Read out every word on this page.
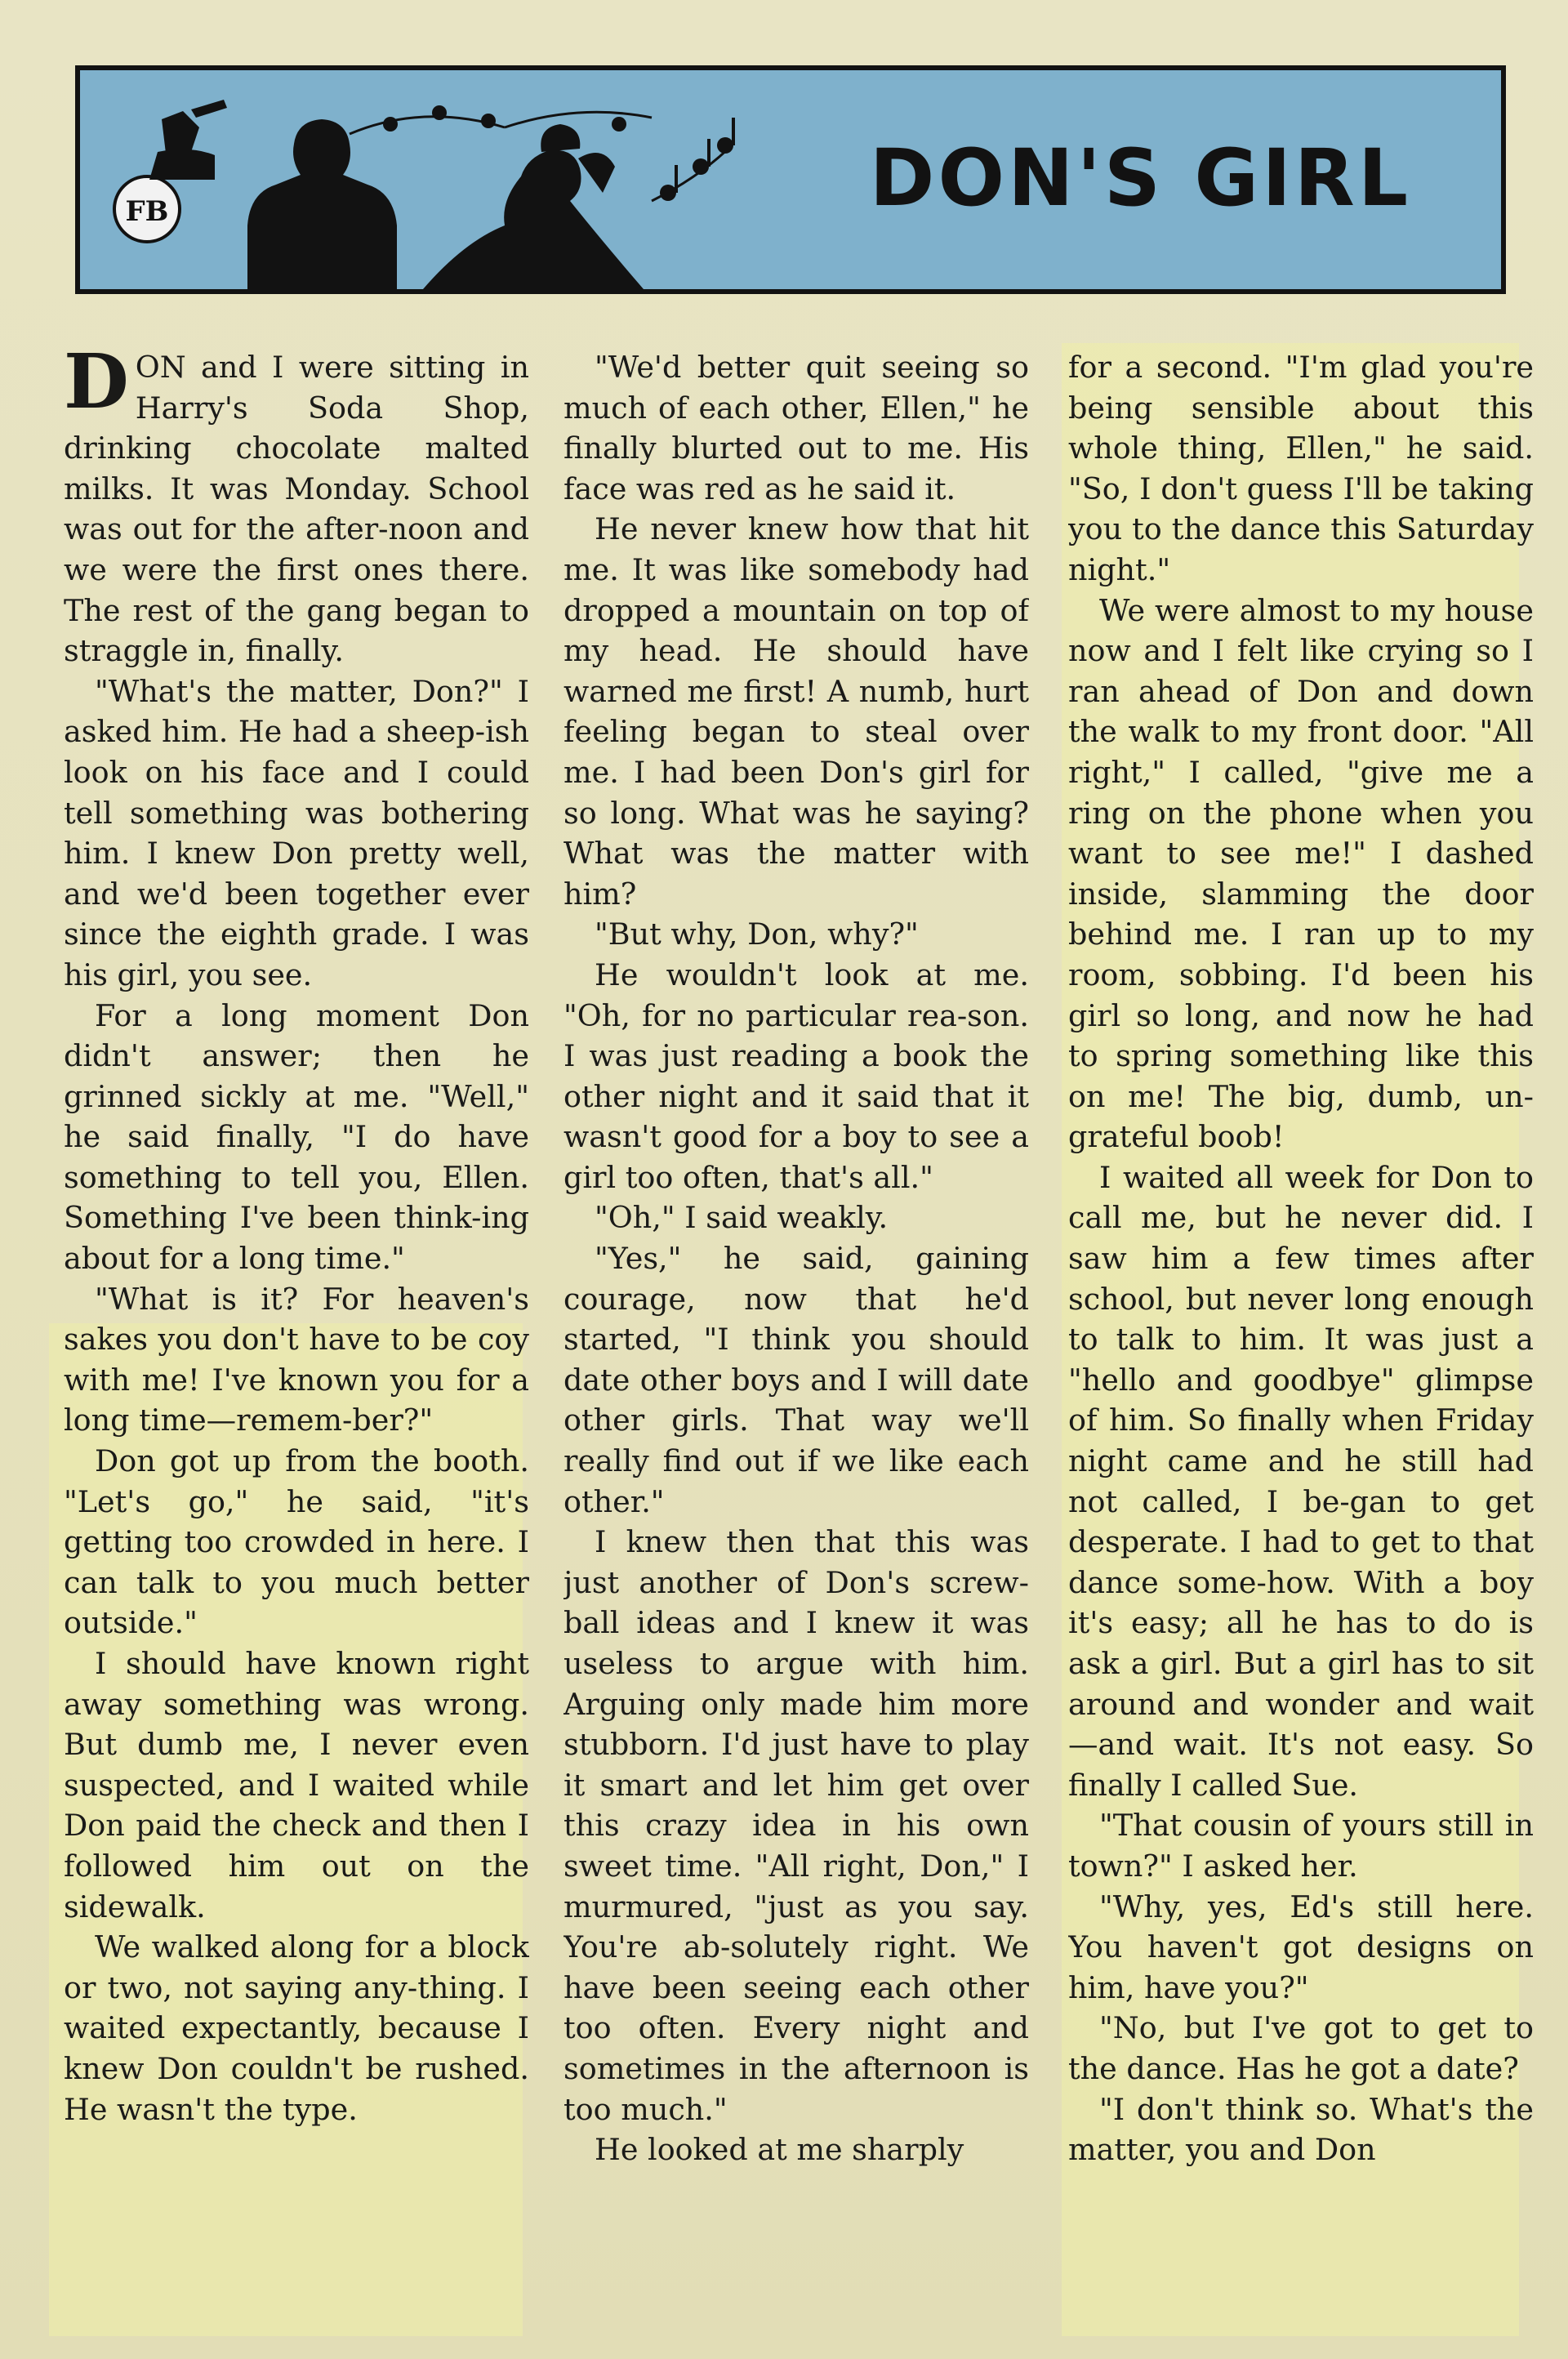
FB	DON'S GIRL

DON and I were sitting in Harry's Soda Shop, drinking chocolate malted milks. It was Monday. School was out for the after-noon and we were the first ones there. The rest of the gang began to straggle in, finally.

"What's the matter, Don?" I asked him. He had a sheep-ish look on his face and I could tell something was bothering him. I knew Don pretty well, and we'd been together ever since the eighth grade. I was his girl, you see.

For a long moment Don didn't answer; then he grinned sickly at me. "Well," he said finally, "I do have something to tell you, Ellen. Something I've been think-ing about for a long time."

"What is it? For heaven's sakes you don't have to be coy with me! I've known you for a long time—remem-ber?"

Don got up from the booth. "Let's go," he said, "it's getting too crowded in here. I can talk to you much better outside."

I should have known right away something was wrong. But dumb me, I never even suspected, and I waited while Don paid the check and then I followed him out on the sidewalk.

We walked along for a block or two, not saying any-thing. I waited expectantly, because I knew Don couldn't be rushed. He wasn't the type.

"We'd better quit seeing so much of each other, Ellen," he finally blurted out to me. His face was red as he said it.

He never knew how that hit me. It was like somebody had dropped a mountain on top of my head. He should have warned me first! A numb, hurt feeling began to steal over me. I had been Don's girl for so long. What was he saying? What was the matter with him?

"But why, Don, why?"

He wouldn't look at me. "Oh, for no particular rea-son. I was just reading a book the other night and it said that it wasn't good for a boy to see a girl too often, that's all."

"Oh," I said weakly.

"Yes," he said, gaining courage, now that he'd started, "I think you should date other boys and I will date other girls. That way we'll really find out if we like each other."

I knew then that this was just another of Don's screw-ball ideas and I knew it was useless to argue with him. Arguing only made him more stubborn. I'd just have to play it smart and let him get over this crazy idea in his own sweet time. "All right, Don," I murmured, "just as you say. You're ab-solutely right. We have been seeing each other too often. Every night and sometimes in the afternoon is too much."

He looked at me sharply

for a second. "I'm glad you're being sensible about this whole thing, Ellen," he said. "So, I don't guess I'll be taking you to the dance this Saturday night."

We were almost to my house now and I felt like crying so I ran ahead of Don and down the walk to my front door. "All right," I called, "give me a ring on the phone when you want to see me!" I dashed inside, slamming the door behind me. I ran up to my room, sobbing. I'd been his girl so long, and now he had to spring something like this on me! The big, dumb, un-grateful boob!

I waited all week for Don to call me, but he never did. I saw him a few times after school, but never long enough to talk to him. It was just a "hello and goodbye" glimpse of him. So finally when Friday night came and he still had not called, I be-gan to get desperate. I had to get to that dance some-how. With a boy it's easy; all he has to do is ask a girl. But a girl has to sit around and wonder and wait—and wait. It's not easy. So finally I called Sue.

"That cousin of yours still in town?" I asked her.

"Why, yes, Ed's still here. You haven't got designs on him, have you?"

"No, but I've got to get to the dance. Has he got a date?

"I don't think so. What's the matter, you and Don
